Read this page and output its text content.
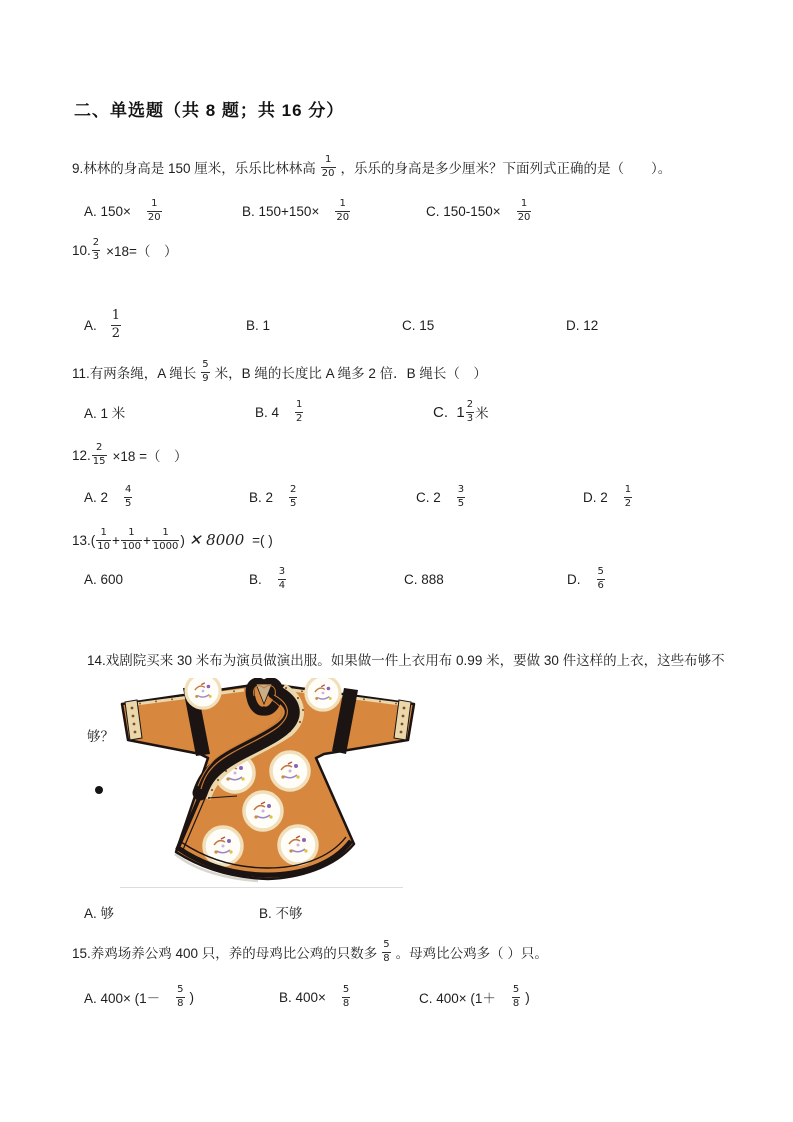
二、单选题（共 8 题；共 16 分）
9.林林的身高是 150 厘米，乐乐比林林高 $\frac{1}{20}$ ，乐乐的身高是多少厘米？下面列式正确的是（　　）。
A. $150\times \frac{1}{20}$	B. $150+150\times \frac{1}{20}$	C. $150-150\times \frac{1}{20}$
10. $\frac{2}{3} \times 18=$（　）
A. $\frac{1}{2}$	B. 1	C. 15	D. 12
11.有两条绳，A 绳长 $\frac{5}{9}$ 米，B 绳的长度比 A 绳多 2 倍．B 绳长（　）
A. 1 米	B. $4 \frac{1}{2}$	C.  $1 \frac{2}{3}$ 米
12. $\frac{2}{15} \times 18$ =（　）
A. $2 \frac{4}{5}$	B. $2 \frac{2}{5}$	C. $2 \frac{3}{5}$	D. $2 \frac{1}{2}$
$13.( \frac{1}{10} + \frac{1}{100} + \frac{1}{1000}$ ) ✕ 8000 =( )
A. 600	B. $\frac{3}{4}$	C. 888	D. $\frac{5}{6}$

14.戏剧院买来 30 米布为演员做演出服。如果做一件上衣用布 0.99 米，要做 30 件这样的上衣，这些布够不

够？

A. 够	B. 不够
15.养鸡场养公鸡 400 只，养的母鸡比公鸡的只数多 $\frac{5}{8}$ 。母鸡比公鸡多（ ）只。
A. $400\times (1- \frac{5}{8}$ )	B. $400\times \frac{5}{8}$	C. $400\times (1+ \frac{5}{8}$ )
